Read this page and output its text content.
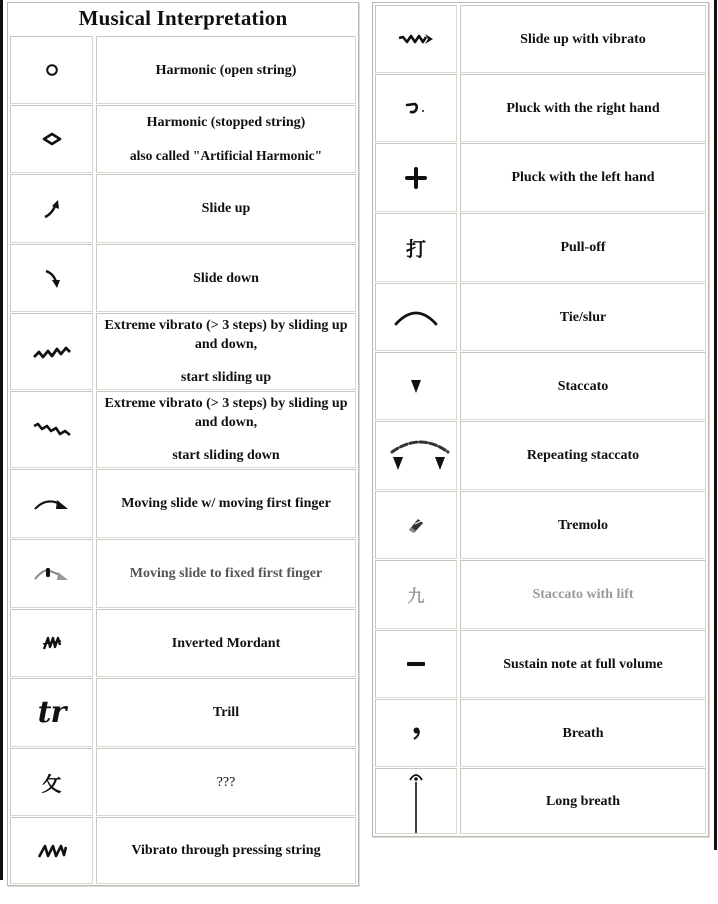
Musical Interpretation
Harmonic (open string)
Harmonic (stopped string)
also called "Artificial Harmonic"
Slide up
Slide down
Extreme vibrato (> 3 steps) by sliding up and down,
start sliding up
Extreme vibrato (> 3 steps) by sliding up and down,
start sliding down
Moving slide w/ moving first finger
Moving slide to fixed first finger
Inverted Mordant
tr	Trill
攵	???
Vibrato through pressing string
Slide up with vibrato
Pluck with the right hand
Pluck with the left hand
打	Pull-off
Tie/slur
Staccato
Repeating staccato
Tremolo
九	Staccato with lift
Sustain note at full volume
Breath
Long breath
